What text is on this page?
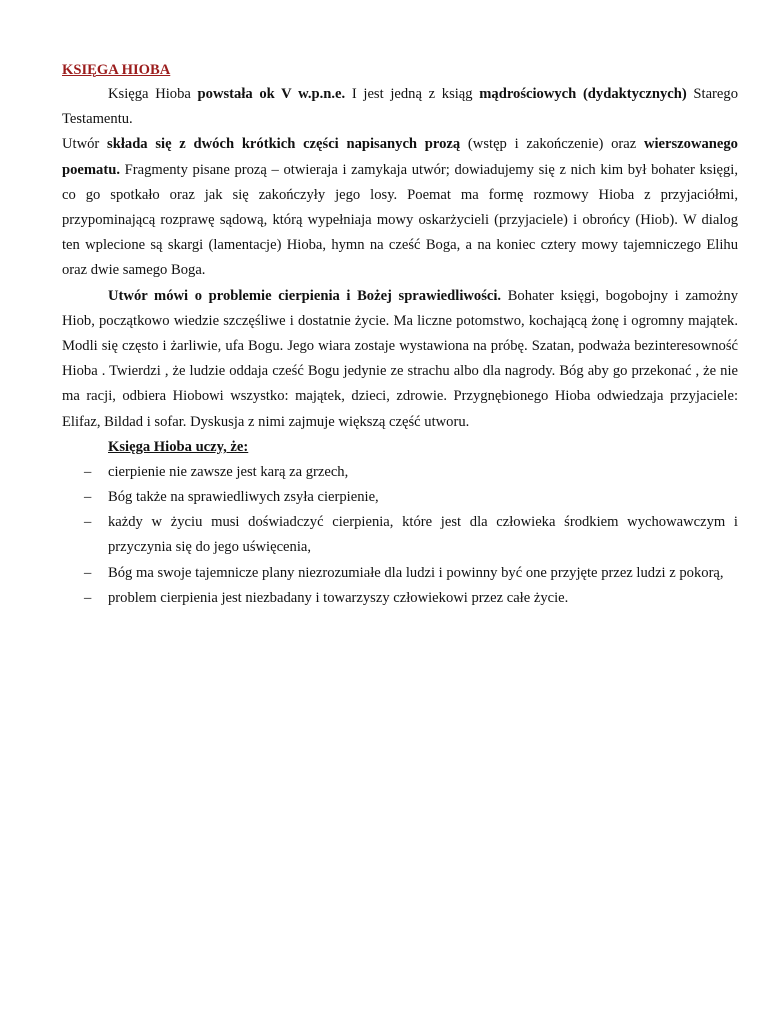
KSIĘGA HIOBA

Księga Hioba powstała ok V w.p.n.e. I jest jedną z ksiąg mądrościowych (dydaktycznych) Starego Testamentu.

Utwór składa się z dwóch krótkich części napisanych prozą (wstęp i zakończenie) oraz wierszowanego poematu. Fragmenty pisane prozą – otwieraja i zamykaja utwór; dowiadujemy się z nich kim był bohater księgi, co go spotkało oraz jak się zakończyły jego losy. Poemat ma formę rozmowy Hioba z przyjaciółmi, przypominającą rozprawę sądową, którą wypełniaja mowy oskarżycieli (przyjaciele) i obrońcy (Hiob). W dialog ten wplecione są skargi (lamentacje) Hioba, hymn na cześć Boga, a na koniec cztery mowy tajemniczego Elihu oraz dwie samego Boga.

Utwór mówi o problemie cierpienia i Bożej sprawiedliwości. Bohater księgi, bogobojny i zamożny Hiob, początkowo wiedzie szczęśliwe i dostatnie życie. Ma liczne potomstwo, kochającą żonę i ogromny majątek. Modli się często i żarliwie, ufa Bogu. Jego wiara zostaje wystawiona na próbę. Szatan, podważa bezinteresowność Hioba . Twierdzi , że ludzie oddaja cześć Bogu jedynie ze strachu albo dla nagrody. Bóg aby go przekonać , że nie ma racji, odbiera Hiobowi wszystko: majątek, dzieci, zdrowie. Przygnębionego Hioba odwiedzaja przyjaciele: Elifaz, Bildad i sofar. Dyskusja z nimi zajmuje większą część utworu.

Księga Hioba uczy, że:
– cierpienie nie zawsze jest karą za grzech,
– Bóg także na sprawiedliwych zsyła cierpienie,
– każdy w życiu musi doświadczyć cierpienia, które jest dla człowieka środkiem wychowawczym i przyczynia się do jego uświęcenia,
– Bóg ma swoje tajemnicze plany niezrozumiałe dla ludzi i powinny być one przyjęte przez ludzi z pokorą,
– problem cierpienia jest niezbadany i towarzyszy człowiekowi przez całe życie.
